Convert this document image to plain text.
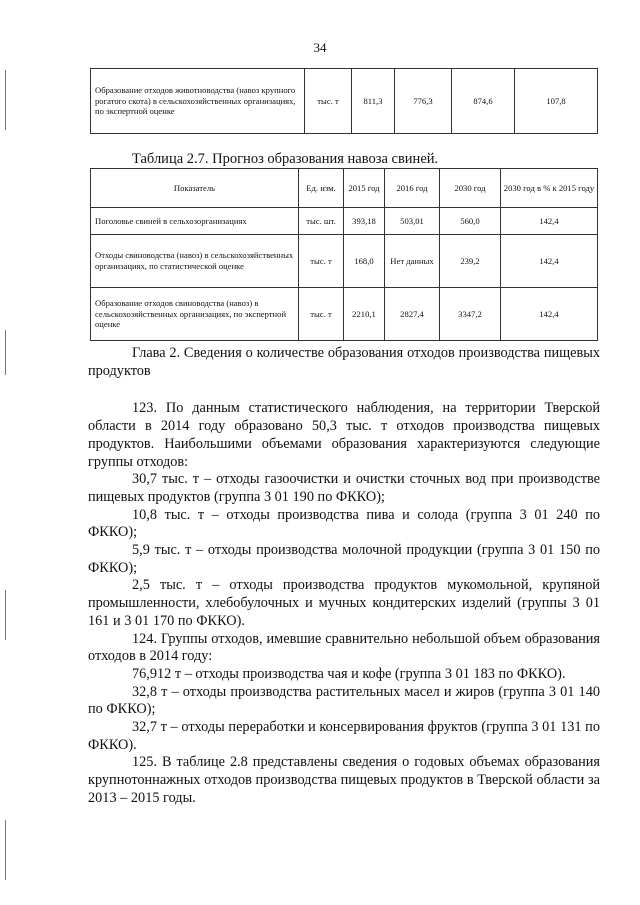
34
Образование отходов животноводства (навоз крупного рогатого скота) в сельскохозяйственных организациях, по экспертной оценке	тыс. т	811,3	776,3	874,6	107,8
Таблица 2.7. Прогноз образования навоза свиней.
Показатель	Ед. изм.	2015 год	2016 год	2030 год	2030 год в % к 2015 году
Поголовье свиней в сельхозорганизациях	тыс. шт.	393,18	503,01	560,0	142,4
Отходы свиноводства (навоз) в сельскохозяйственных организациях, по статистической оценке	тыс. т	168,0	Нет данных	239,2	142,4
Образование отходов свиноводства (навоз) в сельскохозяйственных организациях, по экспертной оценке	тыс. т	2210,1	2827,4	3347,2	142,4

Глава 2. Сведения о количестве образования отходов производства пищевых продуктов

123. По данным статистического наблюдения, на территории Тверской области в 2014 году образовано 50,3 тыс. т отходов производства пищевых продуктов. Наибольшими объемами образования характеризуются следующие группы отходов:

30,7 тыс. т – отходы газоочистки и очистки сточных вод при производстве пищевых продуктов (группа 3 01 190 по ФККО);

10,8 тыс. т – отходы производства пива и солода (группа 3 01 240 по ФККО);

5,9 тыс. т – отходы производства молочной продукции (группа 3 01 150 по ФККО);

2,5 тыс. т – отходы производства продуктов мукомольной, крупяной промышленности, хлебобулочных и мучных кондитерских изделий (группы 3 01 161 и 3 01 170 по ФККО).

124. Группы отходов, имевшие сравнительно небольшой объем образования отходов в 2014 году:

76,912 т – отходы производства чая и кофе (группа 3 01 183 по ФККО).

32,8 т – отходы производства растительных масел и жиров (группа 3 01 140 по ФККО);

32,7 т – отходы переработки и консервирования фруктов (группа 3 01 131 по ФККО).

125. В таблице 2.8 представлены сведения о годовых объемах образования крупнотоннажных отходов производства пищевых продуктов в Тверской области за 2013 – 2015 годы.
